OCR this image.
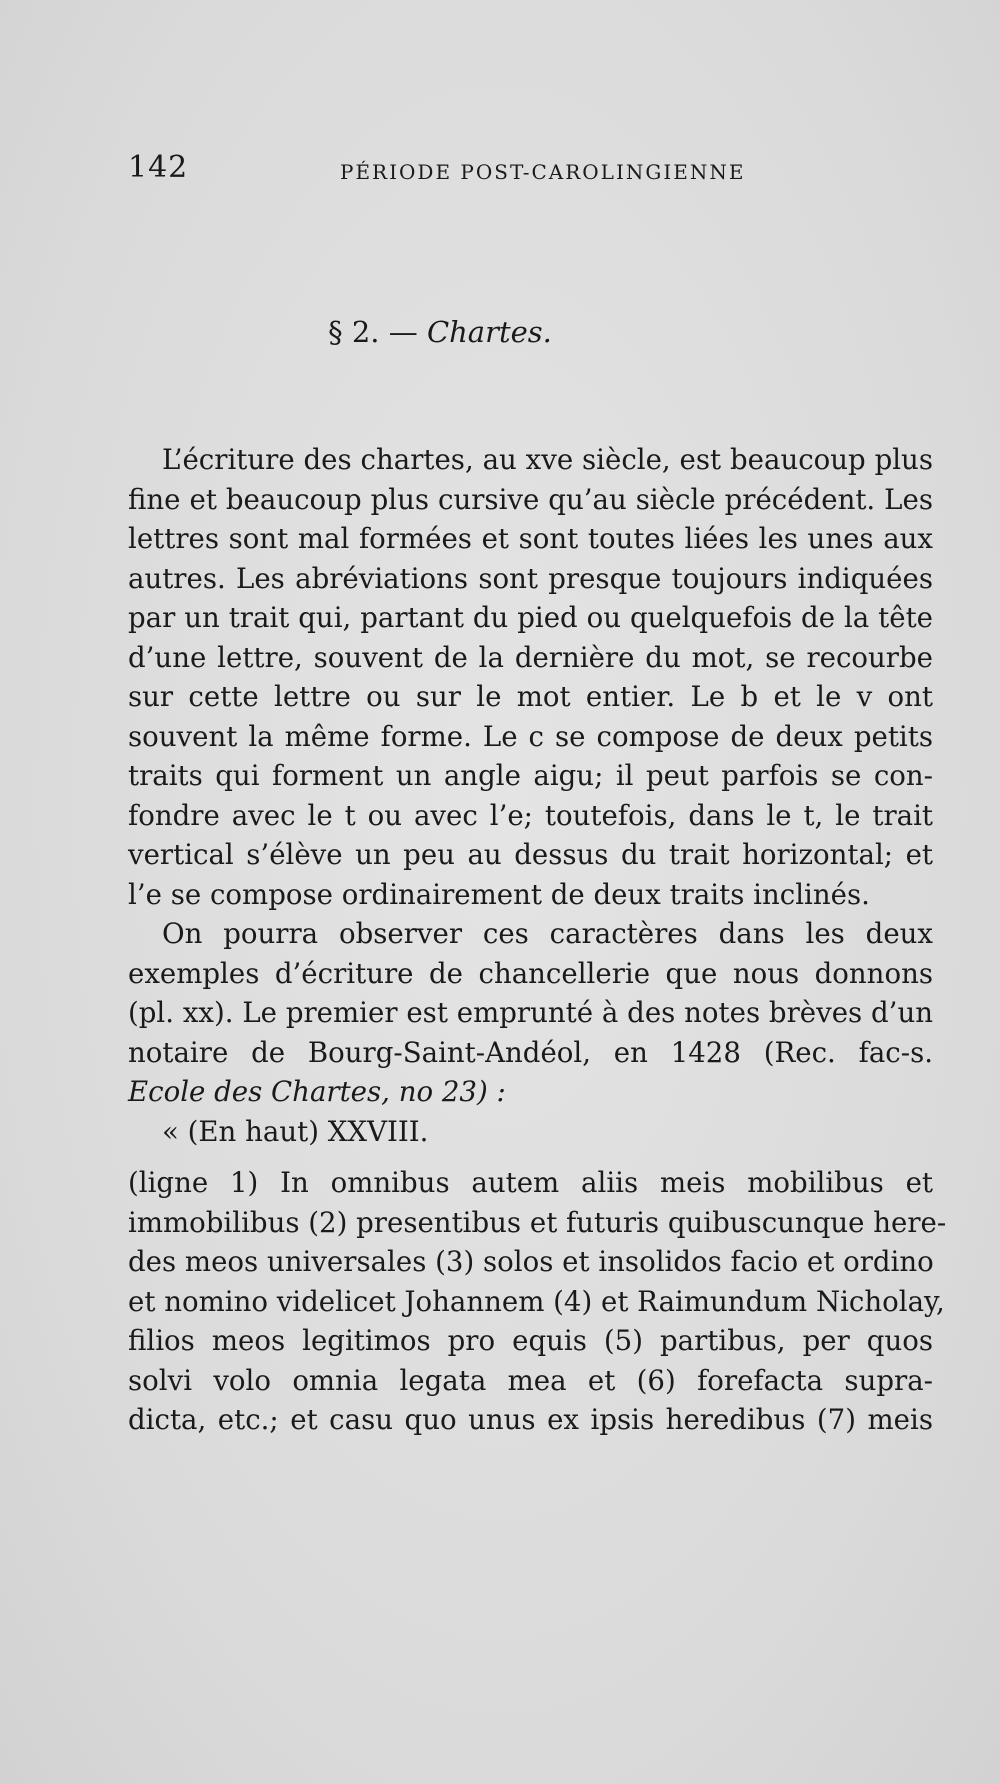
142	PÉRIODE POST-CAROLINGIENNE
§ 2. — Chartes.
L’écriture des chartes, au xve siècle, est beaucoup plus
fine et beaucoup plus cursive qu’au siècle précédent. Les
lettres sont mal formées et sont toutes liées les unes aux
autres. Les abréviations sont presque toujours indiquées
par un trait qui, partant du pied ou quelquefois de la tête
d’une lettre, souvent de la dernière du mot, se recourbe
sur cette lettre ou sur le mot entier. Le b et le v ont
souvent la même forme. Le c se compose de deux petits
traits qui forment un angle aigu; il peut parfois se con-
fondre avec le t ou avec l’e; toutefois, dans le t, le trait
vertical s’élève un peu au dessus du trait horizontal; et
l’e se compose ordinairement de deux traits inclinés.
On pourra observer ces caractères dans les deux
exemples d’écriture de chancellerie que nous donnons
(pl. xx). Le premier est emprunté à des notes brèves d’un
notaire de Bourg-Saint-Andéol, en 1428 (Rec. fac-s.
Ecole des Chartes, no 23) :
« (En haut) XXVIII.
(ligne 1) In omnibus autem aliis meis mobilibus et
immobilibus (2) presentibus et futuris quibuscunque here-
des meos universales (3) solos et insolidos facio et ordino
et nomino videlicet Johannem (4) et Raimundum Nicholay,
filios meos legitimos pro equis (5) partibus, per quos
solvi volo omnia legata mea et (6) forefacta supra-
dicta, etc.; et casu quo unus ex ipsis heredibus (7) meis
